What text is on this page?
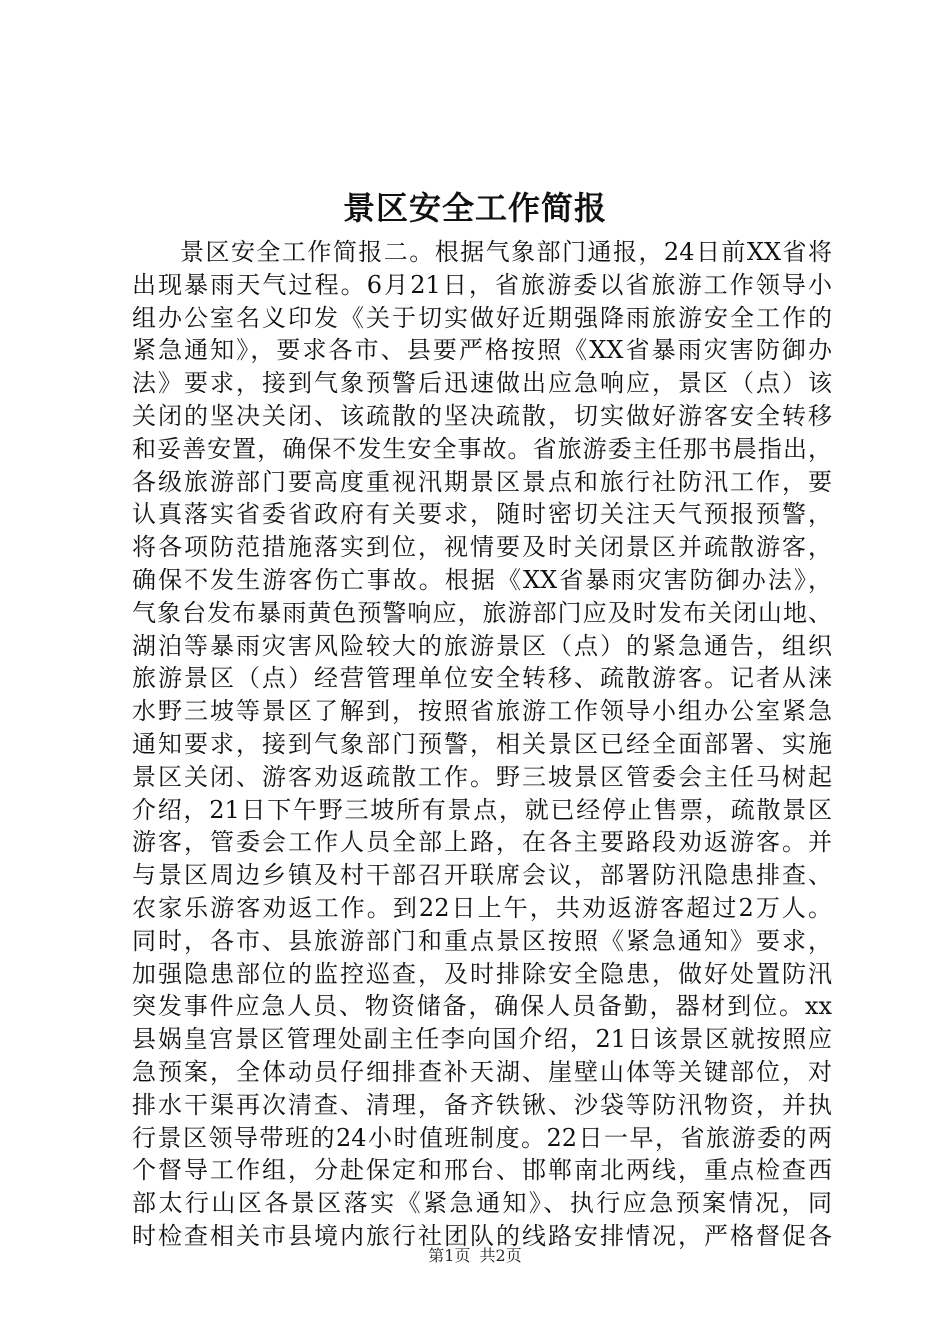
景区安全工作简报
景区安全工作简报二。根据气象部门通报，24日前XX省将
出现暴雨天气过程。6月21日，省旅游委以省旅游工作领导小
组办公室名义印发《关于切实做好近期强降雨旅游安全工作的
紧急通知》，要求各市、县要严格按照《XX省暴雨灾害防御办
法》要求，接到气象预警后迅速做出应急响应，景区（点）该
关闭的坚决关闭、该疏散的坚决疏散，切实做好游客安全转移
和妥善安置，确保不发生安全事故。省旅游委主任那书晨指出，
各级旅游部门要高度重视汛期景区景点和旅行社防汛工作，要
认真落实省委省政府有关要求，随时密切关注天气预报预警，
将各项防范措施落实到位，视情要及时关闭景区并疏散游客，
确保不发生游客伤亡事故。根据《XX省暴雨灾害防御办法》，
气象台发布暴雨黄色预警响应，旅游部门应及时发布关闭山地、
湖泊等暴雨灾害风险较大的旅游景区（点）的紧急通告，组织
旅游景区（点）经营管理单位安全转移、疏散游客。记者从涞
水野三坡等景区了解到，按照省旅游工作领导小组办公室紧急
通知要求，接到气象部门预警，相关景区已经全面部署、实施
景区关闭、游客劝返疏散工作。野三坡景区管委会主任马树起
介绍，21日下午野三坡所有景点，就已经停止售票，疏散景区
游客，管委会工作人员全部上路，在各主要路段劝返游客。并
与景区周边乡镇及村干部召开联席会议，部署防汛隐患排查、
农家乐游客劝返工作。到22日上午，共劝返游客超过2万人。
同时，各市、县旅游部门和重点景区按照《紧急通知》要求，
加强隐患部位的监控巡查，及时排除安全隐患，做好处置防汛
突发事件应急人员、物资储备，确保人员备勤，器材到位。xx
县娲皇宫景区管理处副主任李向国介绍，21日该景区就按照应
急预案，全体动员仔细排查补天湖、崖壁山体等关键部位，对
排水干渠再次清查、清理，备齐铁锹、沙袋等防汛物资，并执
行景区领导带班的24小时值班制度。22日一早，省旅游委的两
个督导工作组，分赴保定和邢台、邯郸南北两线，重点检查西
部太行山区各景区落实《紧急通知》、执行应急预案情况，同
时检查相关市县境内旅行社团队的线路安排情况，严格督促各
第1页 共2页
